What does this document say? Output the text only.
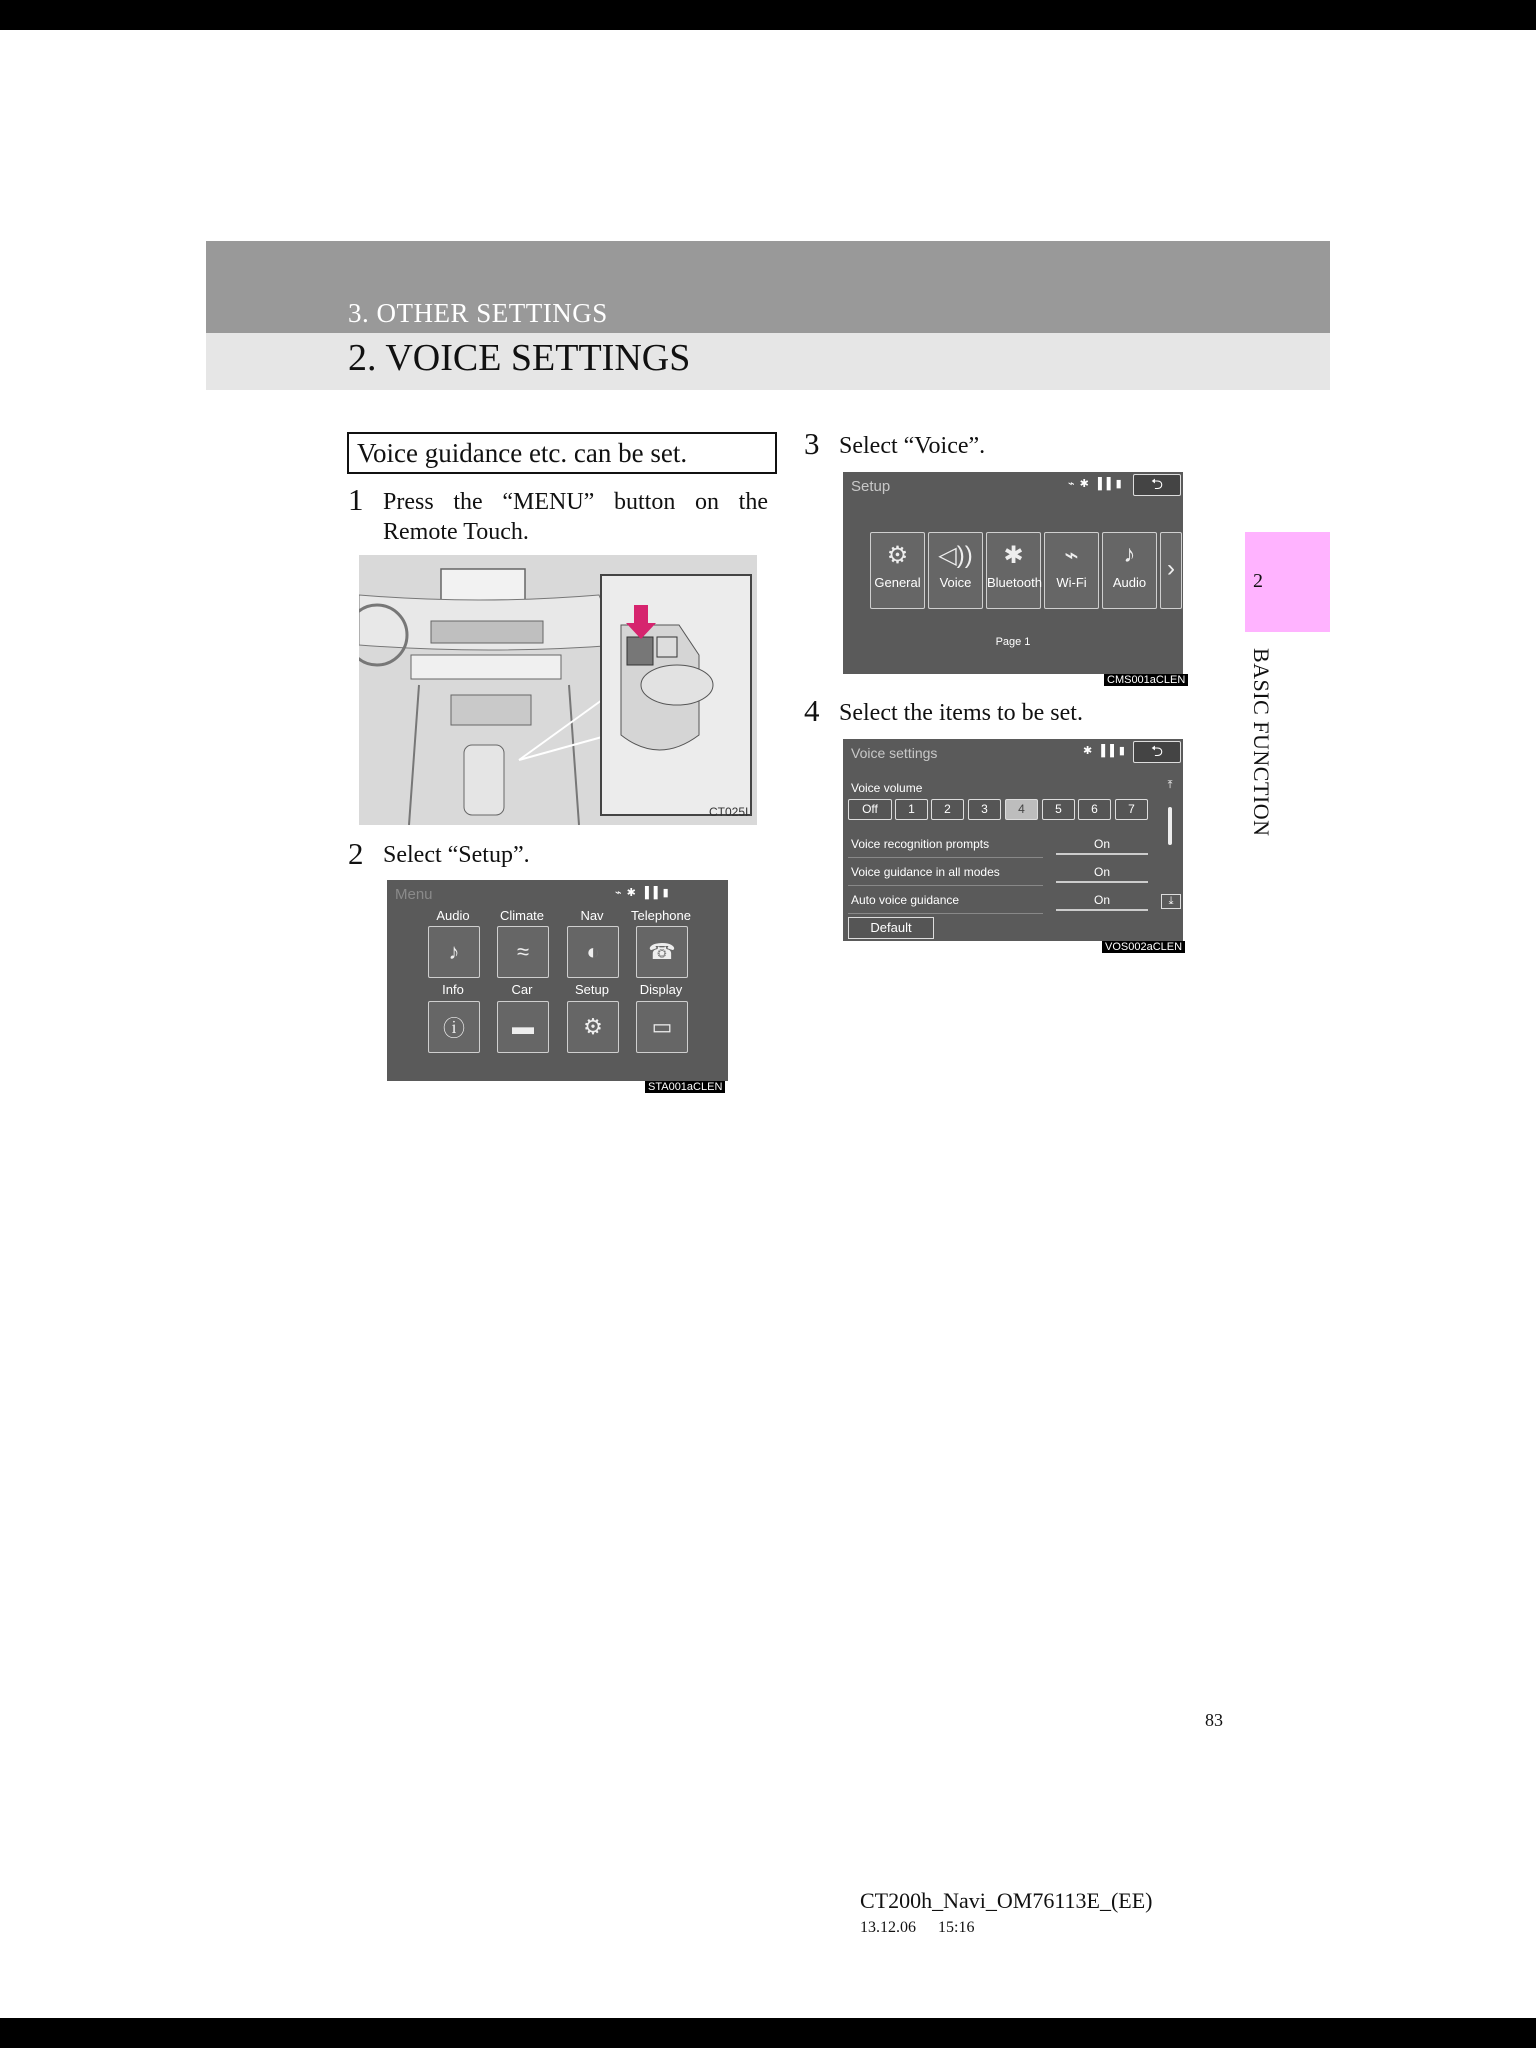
3. OTHER SETTINGS
2. VOICE SETTINGS
Voice guidance etc. can be set.
1 Press the “MENU” button on the Remote Touch.
CT025I
2 Select “Setup”.
Menu	⌁ ✱ ▐▐ ▮
Audio	Climate	Nav	Telephone
♪	≈	◐ ☎
Info	Car	Setup	Display
ⓘ ▬ ⚙ ▭
STA001aCLEN
3 Select “Voice”.
Setup	⌁ ✱ ▐▐ ▮	⮌
⚙
General
◁))
Voice
✱
Bluetooth
⌁
Wi-Fi
♪
Audio
›
Page 1
CMS001aCLEN
4 Select the items to be set.
Voice settings	✱ ▐▐ ▮	⮌
Voice volume
Off	1	2	3	4	5	6	7
Voice recognition prompts	On
Voice guidance in all modes	On
Auto voice guidance	On
⤒
⤓
Default
VOS002aCLEN
2
BASIC FUNCTION
83
CT200h_Navi_OM76113E_(EE)
13.12.06 15:16
